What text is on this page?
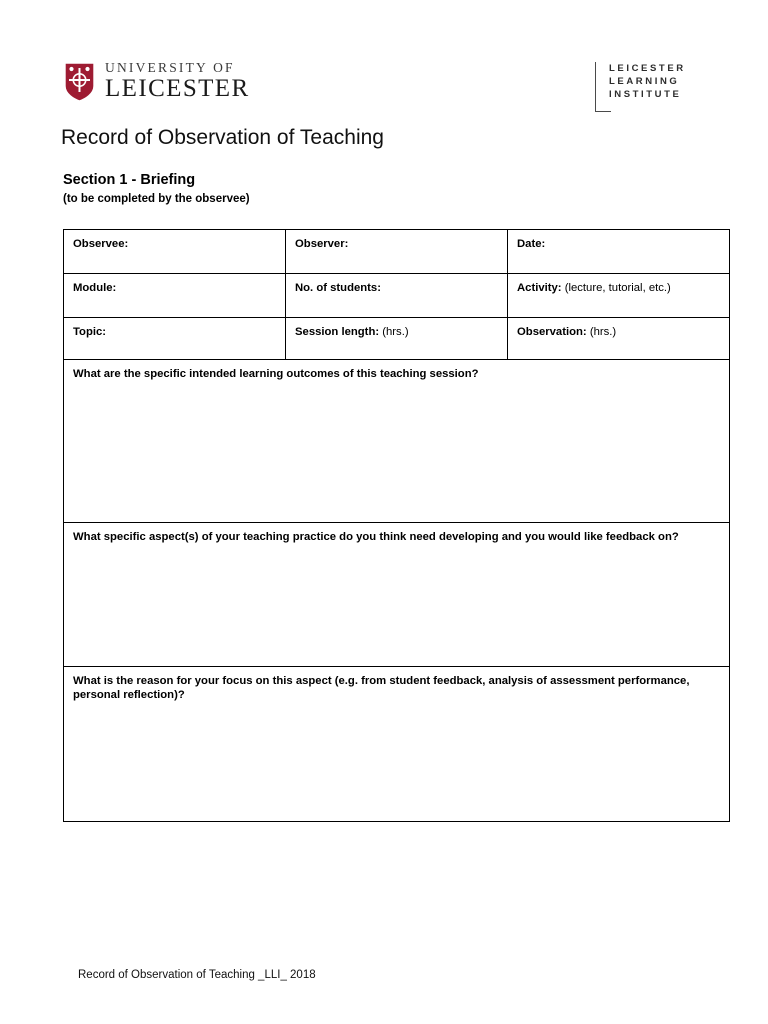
UNIVERSITY OF
LEICESTER
LEICESTER
LEARNING
INSTITUTE
Record of Observation of Teaching
Section 1 - Briefing
(to be completed by the observee)
Observee:	Observer:	Date:
Module:	No. of students:	Activity: (lecture, tutorial, etc.)
Topic:	Session length: (hrs.)	Observation: (hrs.)
What are the specific intended learning outcomes of this teaching session?		
What specific aspect(s) of your teaching practice do you think need developing and you would like feedback on?		
What is the reason for your focus on this aspect (e.g. from student feedback, analysis of assessment performance, personal reflection)?		
Record of Observation of Teaching _LLI_ 2018
